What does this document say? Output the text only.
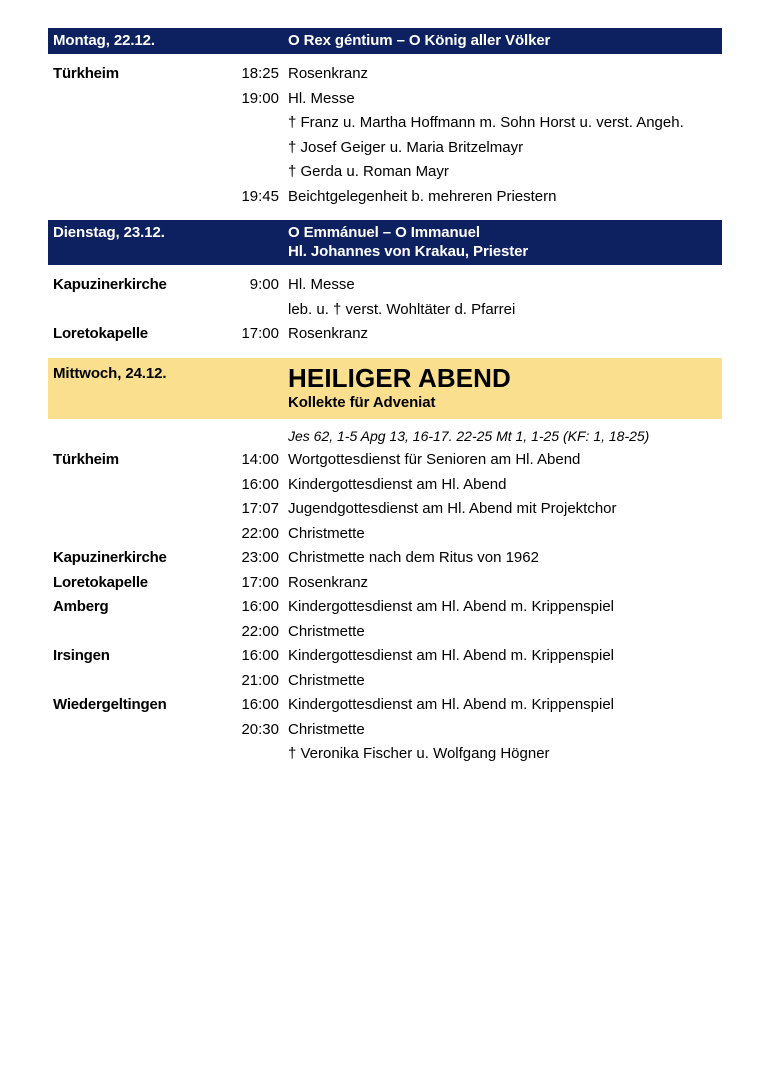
Montag, 22.12.	O Rex géntium – O König aller Völker
Türkheim	18:25 Rosenkranz
19:00 Hl. Messe
† Franz u. Martha Hoffmann m. Sohn Horst u. verst. Angeh.
† Josef Geiger u. Maria Britzelmayr
† Gerda u. Roman Mayr
19:45 Beichtgelegenheit b. mehreren Priestern
Dienstag, 23.12.	O Emmánuel – O Immanuel
Hl. Johannes von Krakau, Priester
Kapuzinerkirche	9:00 Hl. Messe
leb. u. † verst. Wohltäter d. Pfarrei
Loretokapelle	17:00 Rosenkranz
Mittwoch, 24.12.	HEILIGER ABEND
Kollekte für Adveniat
Jes 62, 1-5 Apg 13, 16-17. 22-25 Mt 1, 1-25 (KF: 1, 18-25)
Türkheim	14:00 Wortgottesdienst für Senioren am Hl. Abend
16:00 Kindergottesdienst am Hl. Abend
17:07 Jugendgottesdienst am Hl. Abend mit Projektchor
22:00 Christmette
Kapuzinerkirche	23:00 Christmette nach dem Ritus von 1962
Loretokapelle	17:00 Rosenkranz
Amberg	16:00 Kindergottesdienst am Hl. Abend m. Krippenspiel
22:00 Christmette
Irsingen	16:00 Kindergottesdienst am Hl. Abend m. Krippenspiel
21:00 Christmette
Wiedergeltingen	16:00 Kindergottesdienst am Hl. Abend m. Krippenspiel
20:30 Christmette
† Veronika Fischer u. Wolfgang Högner
